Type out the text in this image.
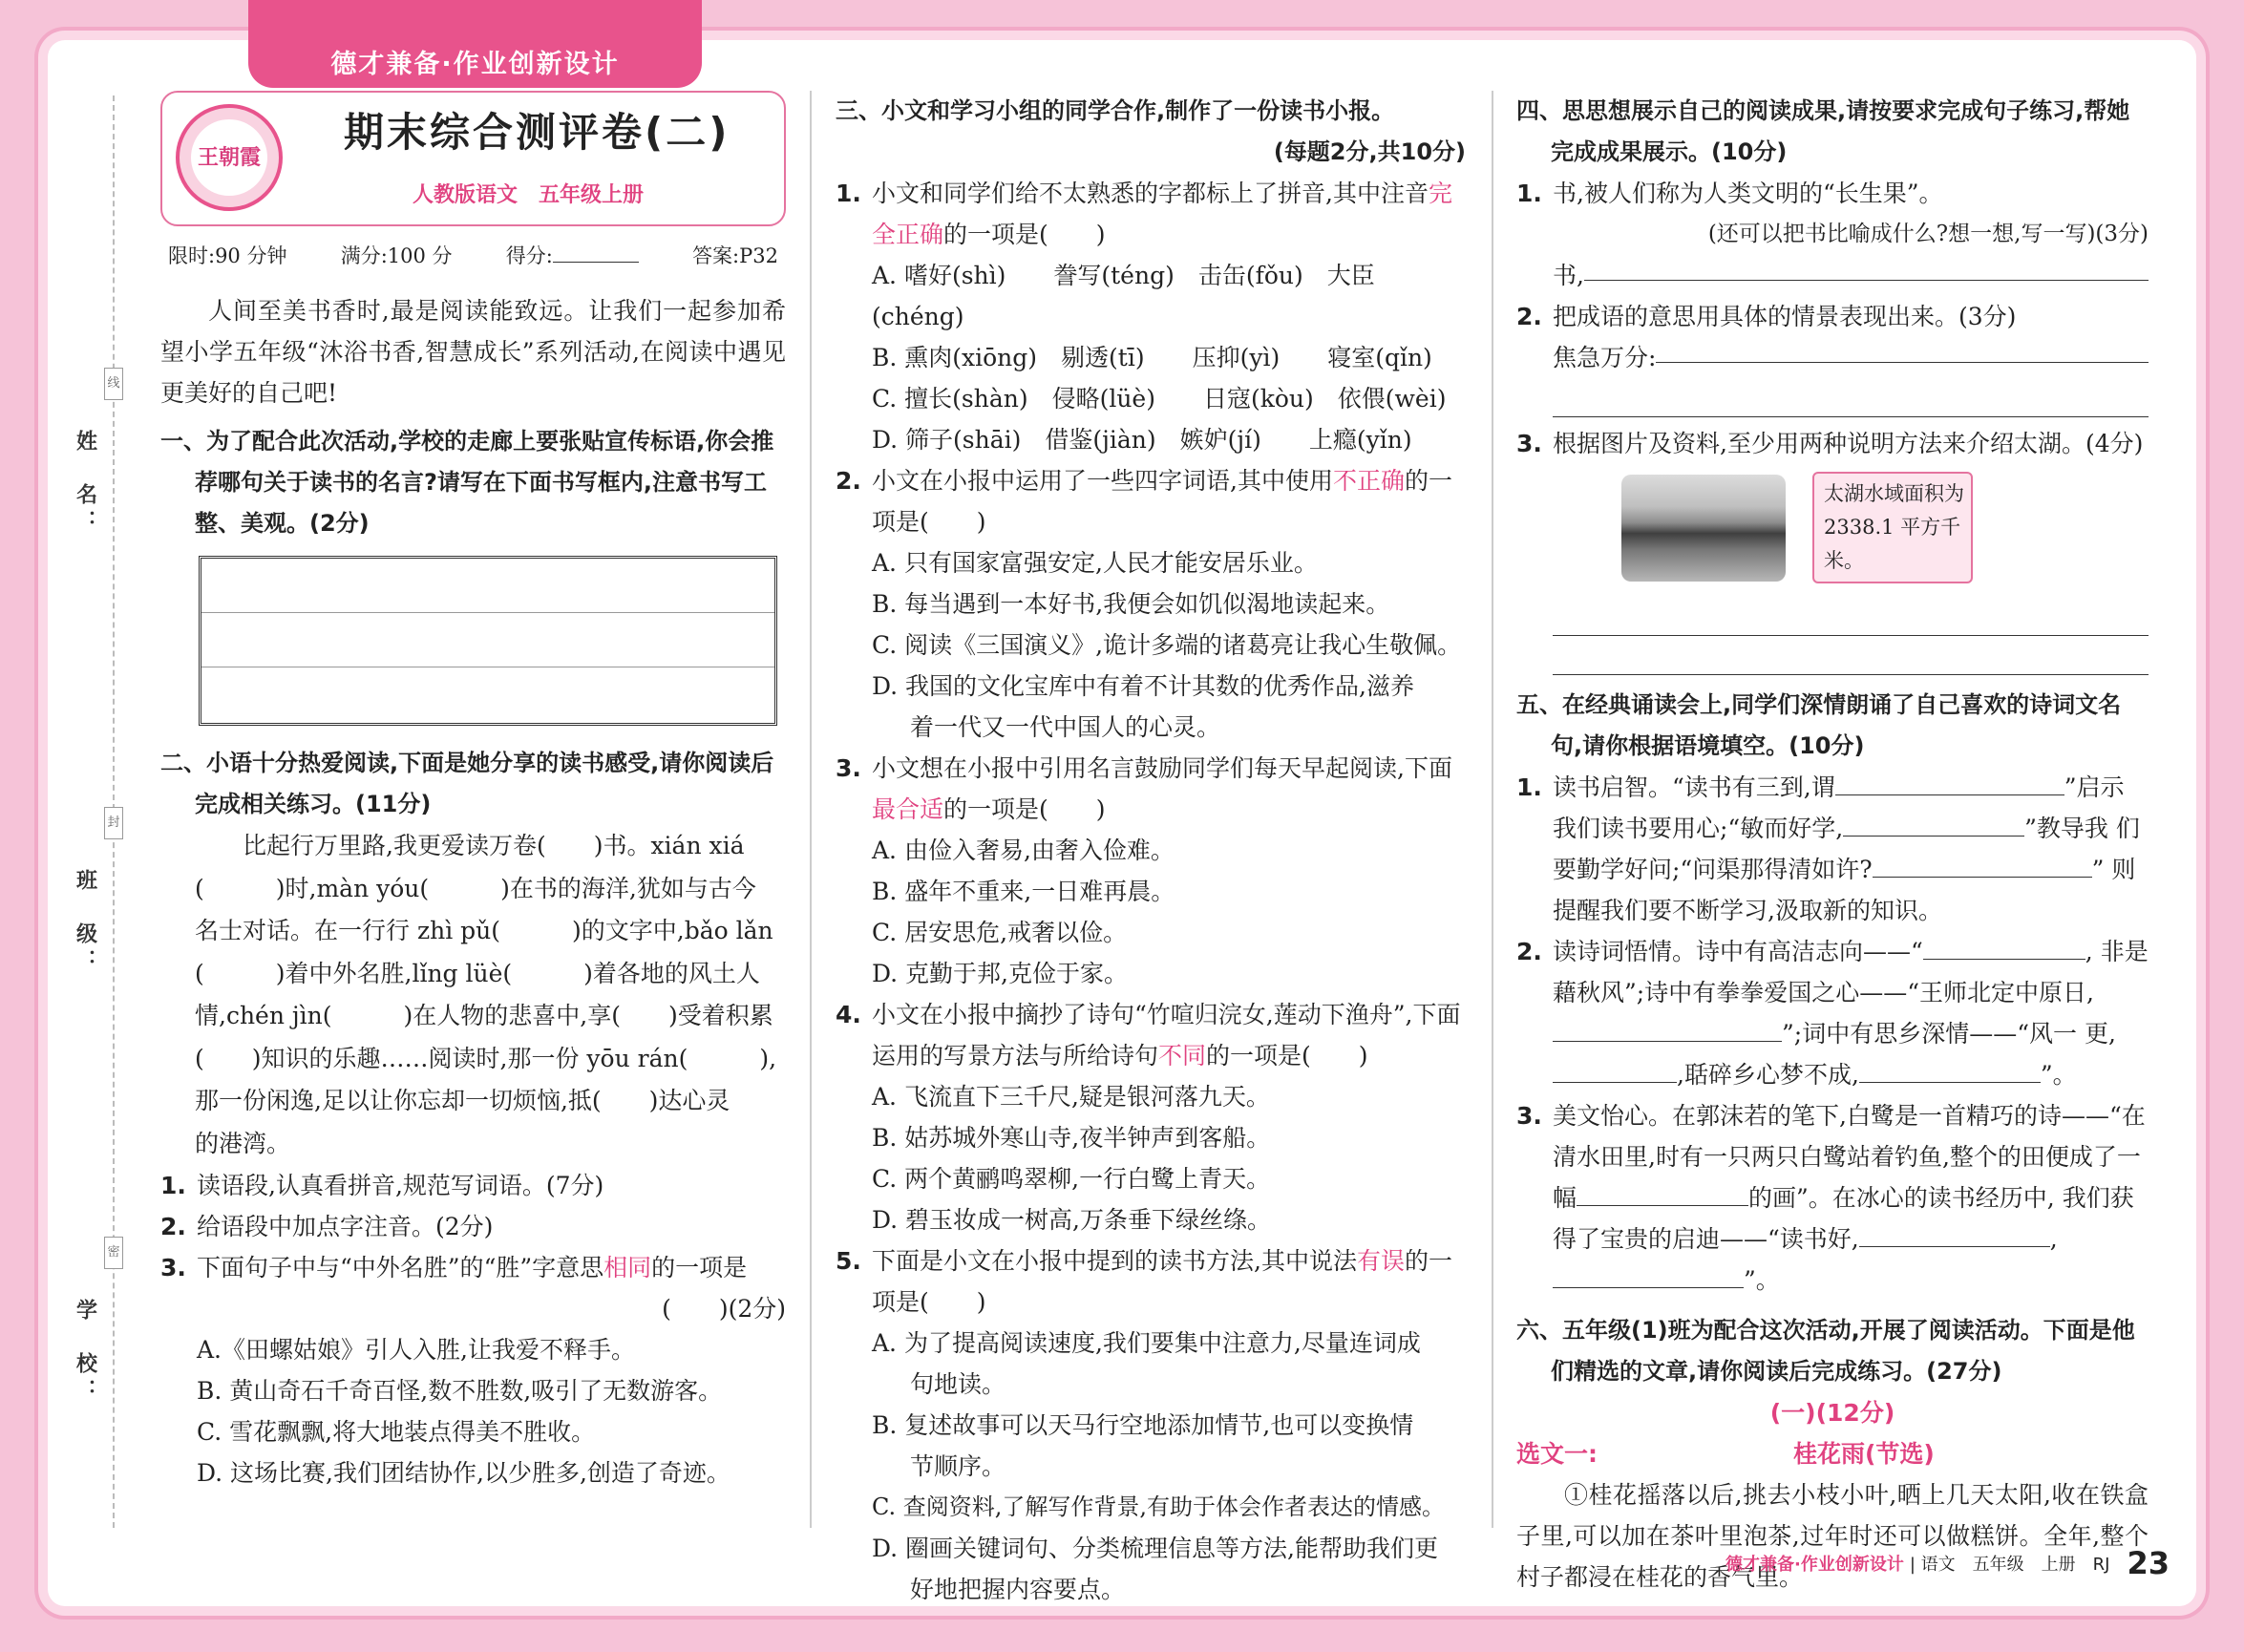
德才兼备·作业创新设计
线
封
密
姓　名：
班　级：
学　校：
王朝霞
期末综合测评卷(二)
人教版语文　五年级上册
限时:90 分钟	满分:100 分	得分:	答案:P32
人间至美书香时,最是阅读能致远。让我们一起参加希望小学五年级“沐浴书香,智慧成长”系列活动,在阅读中遇见更美好的自己吧!
一、为了配合此次活动,学校的走廊上要张贴宣传标语,你会推荐哪句关于读书的名言?请写在下面书写框内,注意书写工整、美观。(2分)
二、小语十分热爱阅读,下面是她分享的读书感受,请你阅读后完成相关练习。(11分)
比起行万里路,我更爱读万卷(　　)书。xián xiá
(　　　)时,màn yóu(　　　)在书的海洋,犹如与古今
名士对话。在一行行 zhì pǔ(　　　)的文字中,bǎo lǎn
(　　　)着中外名胜,lǐng lüè(　　　)着各地的风土人
情,chén jìn(　　　)在人物的悲喜中,享(　　)受着积累
(　　)知识的乐趣……阅读时,那一份 yōu rán(　　　),
那一份闲逸,足以让你忘却一切烦恼,抵(　　)达心灵
的港湾。
1. 读语段,认真看拼音,规范写词语。(7分)
2. 给语段中加点字注音。(2分)
3. 下面句子中与“中外名胜”的“胜”字意思相同的一项是
(　　)(2分)
A.《田螺姑娘》引人入胜,让我爱不释手。
B. 黄山奇石千奇百怪,数不胜数,吸引了无数游客。
C. 雪花飘飘,将大地装点得美不胜收。
D. 这场比赛,我们团结协作,以少胜多,创造了奇迹。
三、小文和学习小组的同学合作,制作了一份读书小报。
(每题2分,共10分)
1. 小文和同学们给不太熟悉的字都标上了拼音,其中注音完全正确的一项是(　　)
A. 嗜好(shì)　　誊写(téng)　击缶(fǒu)　大臣(chéng)
B. 熏肉(xiōng)　剔透(tī)　　压抑(yì)　　寝室(qǐn)
C. 擅长(shàn)　侵略(lüè)　　日寇(kòu)　依偎(wèi)
D. 筛子(shāi)　借鉴(jiàn)　嫉妒(jí)　　上瘾(yǐn)
2. 小文在小报中运用了一些四字词语,其中使用不正确的一项是(　　)
A. 只有国家富强安定,人民才能安居乐业。
B. 每当遇到一本好书,我便会如饥似渴地读起来。
C. 阅读《三国演义》,诡计多端的诸葛亮让我心生敬佩。
D. 我国的文化宝库中有着不计其数的优秀作品,滋养
着一代又一代中国人的心灵。
3. 小文想在小报中引用名言鼓励同学们每天早起阅读,下面最合适的一项是(　　)
A. 由俭入奢易,由奢入俭难。
B. 盛年不重来,一日难再晨。
C. 居安思危,戒奢以俭。
D. 克勤于邦,克俭于家。
4. 小文在小报中摘抄了诗句“竹喧归浣女,莲动下渔舟”,下面运用的写景方法与所给诗句不同的一项是(　　)
A. 飞流直下三千尺,疑是银河落九天。
B. 姑苏城外寒山寺,夜半钟声到客船。
C. 两个黄鹂鸣翠柳,一行白鹭上青天。
D. 碧玉妆成一树高,万条垂下绿丝绦。
5. 下面是小文在小报中提到的读书方法,其中说法有误的一项是(　　)
A. 为了提高阅读速度,我们要集中注意力,尽量连词成
句地读。
B. 复述故事可以天马行空地添加情节,也可以变换情
节顺序。
C. 查阅资料,了解写作背景,有助于体会作者表达的情感。
D. 圈画关键词句、分类梳理信息等方法,能帮助我们更
好地把握内容要点。
四、思思想展示自己的阅读成果,请按要求完成句子练习,帮她完成成果展示。(10分)
1. 书,被人们称为人类文明的“长生果”。
(还可以把书比喻成什么?想一想,写一写)(3分)
书,
2. 把成语的意思用具体的情景表现出来。(3分)
焦急万分:
3. 根据图片及资料,至少用两种说明方法来介绍太湖。(4分)
太湖水域面积为 2338.1 平方千米。
五、在经典诵读会上,同学们深情朗诵了自己喜欢的诗词文名句,请你根据语境填空。(10分)
1. 读书启智。“读书有三到,谓	”启示 我们读书要用心;“敏而好学,	”教导我 们要勤学好问;“问渠那得清如许?	” 则提醒我们要不断学习,汲取新的知识。
2. 读诗词悟情。诗中有高洁志向——“	, 非是藉秋风”;诗中有拳拳爱国之心——“王师北定中原日,”;词中有思乡深情——“风一 更,,聒碎乡心梦不成,	”。
3. 美文怡心。在郭沫若的笔下,白鹭是一首精巧的诗——“在清水田里,时有一只两只白鹭站着钓鱼,整个的田便成了一幅	的画”。在冰心的读书经历中, 我们获得了宝贵的启迪——“读书好,	, ”。
六、五年级(1)班为配合这次活动,开展了阅读活动。下面是他们精选的文章,请你阅读后完成练习。(27分)
(一)(12分)
选文一:	桂花雨(节选)
①桂花摇落以后,挑去小枝小叶,晒上几天太阳,收在铁盒子里,可以加在茶叶里泡茶,过年时还可以做糕饼。全年,整个村子都浸在桂花的香气里。
德才兼备·作业创新设计 | 语文　五年级　上册　RJ 23
